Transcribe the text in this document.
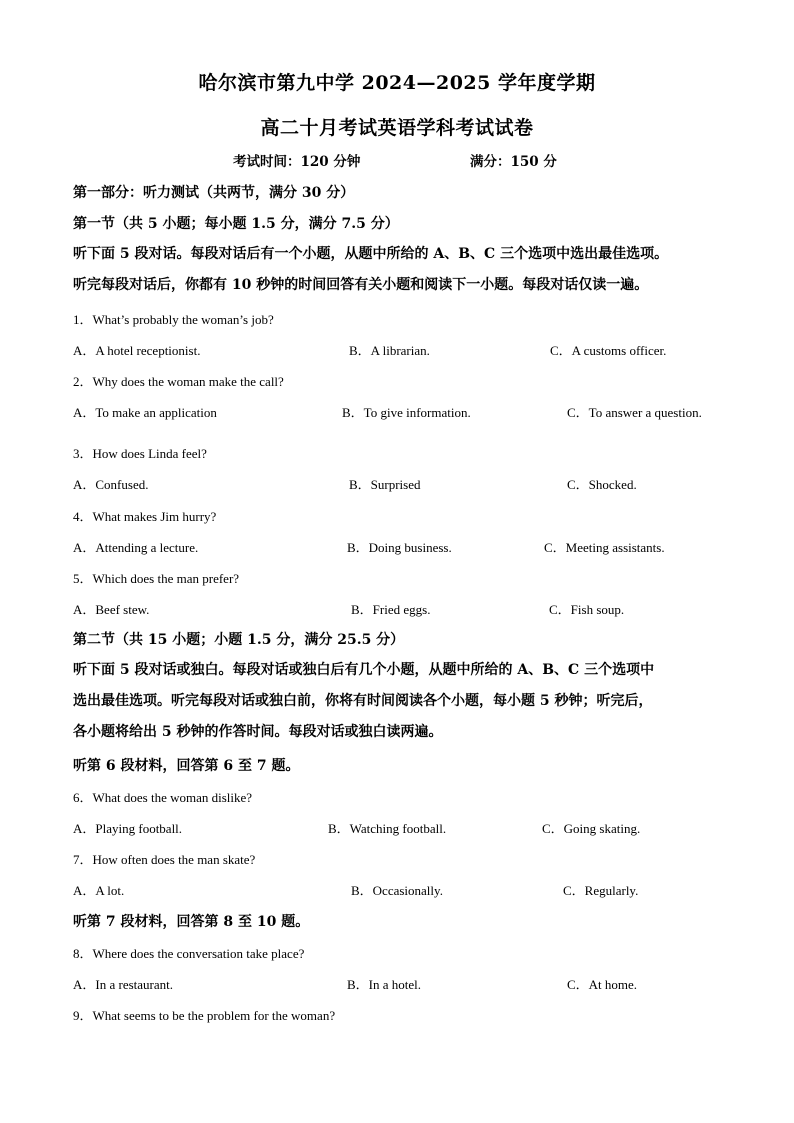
哈尔滨市第九中学 2024—2025 学年度学期
高二十月考试英语学科考试试卷
考试时间：120 分钟	满分：150 分
第一部分：听力测试（共两节，满分 30 分）
第一节（共 5 小题；每小题 1.5 分，满分 7.5 分）
听下面 5 段对话。每段对话后有一个小题，从题中所给的 A、B、C 三个选项中选出最佳选项。
听完每段对话后，你都有 10 秒钟的时间回答有关小题和阅读下一小题。每段对话仅读一遍。
1．What’s probably the woman’s job?
A．A hotel receptionist.	B．A librarian.	C．A customs officer.
2．Why does the woman make the call?
A．To make an application	B．To give information.	C．To answer a question.
3．How does Linda feel?
A．Confused.	B．Surprised	C．Shocked.
4．What makes Jim hurry?
A．Attending a lecture.	B．Doing business.	C．Meeting assistants.
5．Which does the man prefer?
A．Beef stew.	B．Fried eggs.	C．Fish soup.
第二节（共 15 小题；小题 1.5 分，满分 25.5 分）
听下面 5 段对话或独白。每段对话或独白后有几个小题，从题中所给的 A、B、C 三个选项中
选出最佳选项。听完每段对话或独白前，你将有时间阅读各个小题，每小题 5 秒钟；听完后，
各小题将给出 5 秒钟的作答时间。每段对话或独白读两遍。
听第 6 段材料，回答第 6 至 7 题。
6．What does the woman dislike?
A．Playing football.	B．Watching football.	C．Going skating.
7．How often does the man skate?
A．A lot.	B．Occasionally.	C．Regularly.
听第 7 段材料，回答第 8 至 10 题。
8．Where does the conversation take place?
A．In a restaurant.	B．In a hotel.	C．At home.
9．What seems to be the problem for the woman?
